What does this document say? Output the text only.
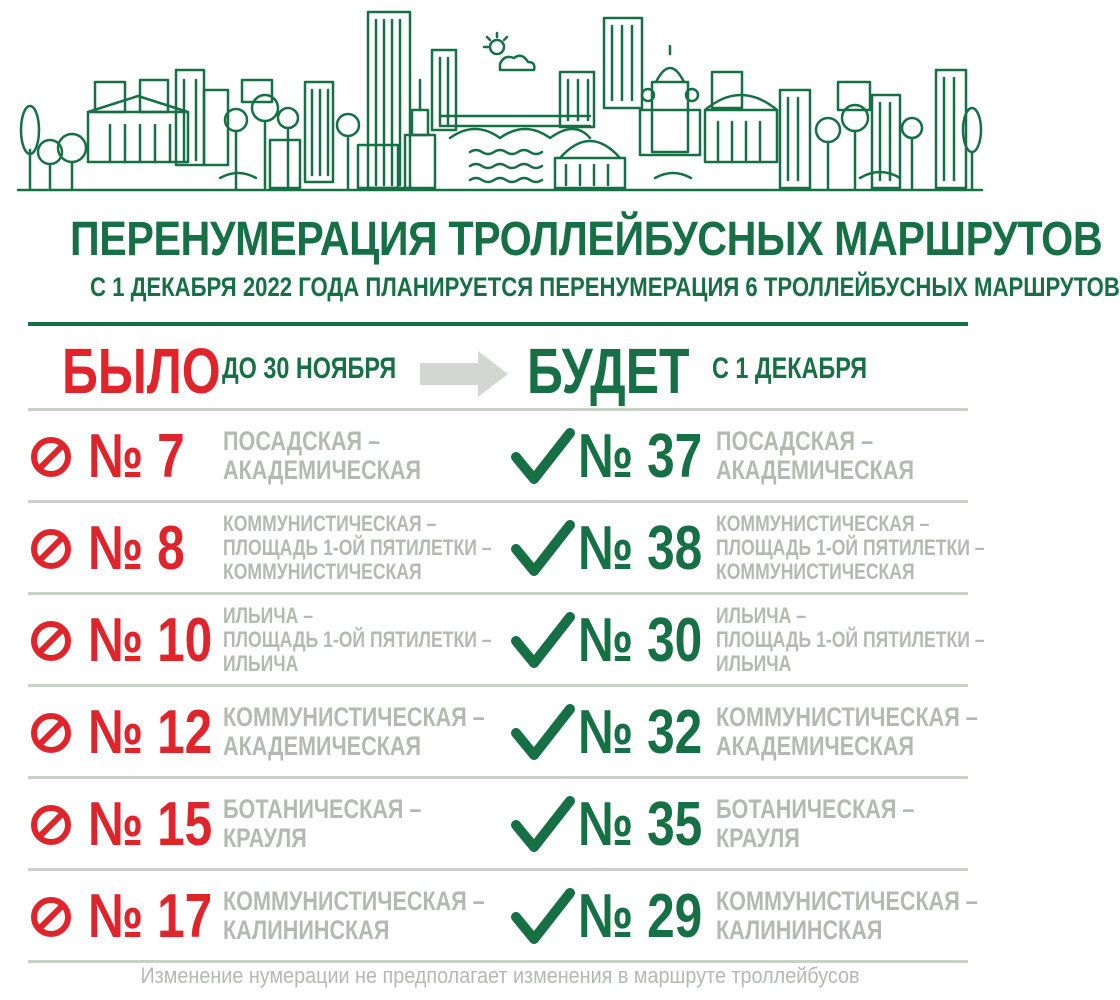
ПЕРЕНУМЕРАЦИЯ ТРОЛЛЕЙБУСНЫХ МАРШРУТОВ
С 1 ДЕКАБРЯ 2022 ГОДА ПЛАНИРУЕТСЯ ПЕРЕНУМЕРАЦИЯ 6 ТРОЛЛЕЙБУСНЫХ МАРШРУТОВ
БЫЛО ДО 30 НОЯБРЯ БУДЕТ С 1 ДЕКАБРЯ
№ 7 ПОСАДСКАЯ –
АКАДЕМИЧЕСКАЯ
ПОСАДСКАЯ –
АКАДЕМИЧЕСКАЯ
№ 37
№ 8 КОММУНИСТИЧЕСКАЯ –
ПЛОЩАДЬ 1-ОЙ ПЯТИЛЕТКИ –
КОММУНИСТИЧЕСКАЯ
КОММУНИСТИЧЕСКАЯ –
ПЛОЩАДЬ 1-ОЙ ПЯТИЛЕТКИ –
КОММУНИСТИЧЕСКАЯ
№ 38
№ 10 ИЛЬИЧА –
ПЛОЩАДЬ 1-ОЙ ПЯТИЛЕТКИ –
ИЛЬИЧА
ИЛЬИЧА –
ПЛОЩАДЬ 1-ОЙ ПЯТИЛЕТКИ –
ИЛЬИЧА
№ 30
№ 12 КОММУНИСТИЧЕСКАЯ –
АКАДЕМИЧЕСКАЯ
КОММУНИСТИЧЕСКАЯ –
АКАДЕМИЧЕСКАЯ
№ 32
№ 15 БОТАНИЧЕСКАЯ –
КРАУЛЯ
БОТАНИЧЕСКАЯ –
КРАУЛЯ
№ 35
№ 17 КОММУНИСТИЧЕСКАЯ –
КАЛИНИНСКАЯ
КОММУНИСТИЧЕСКАЯ –
КАЛИНИНСКАЯ
№ 29
Изменение нумерации не предполагает изменения в маршруте троллейбусов
